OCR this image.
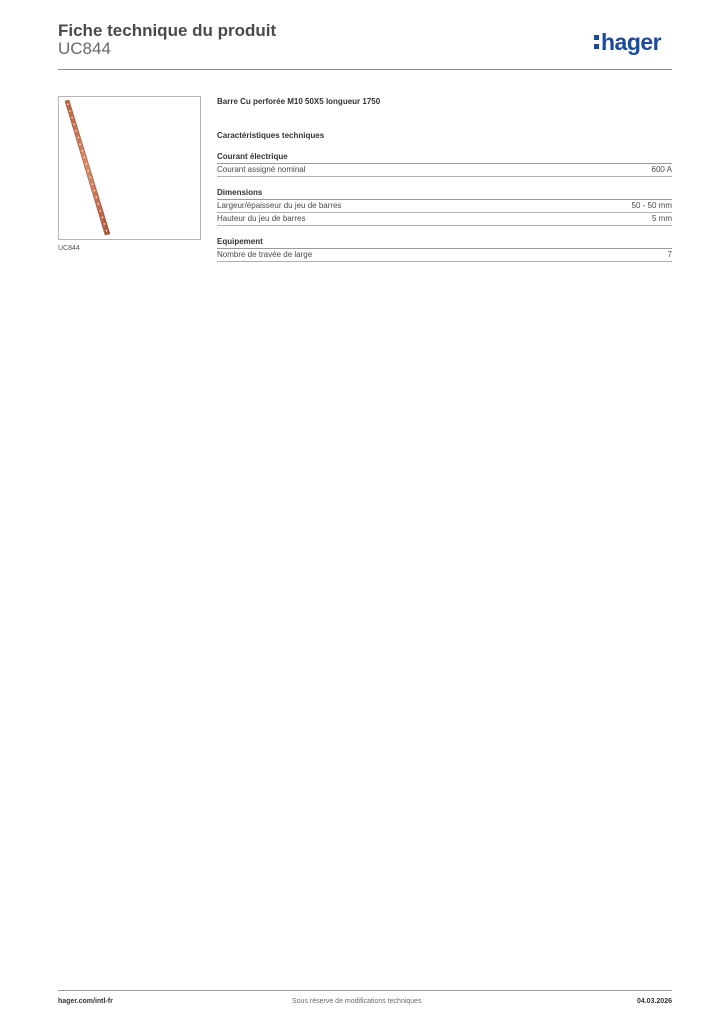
Fiche technique du produit
UC844	hager
UC844
Barre Cu perforée M10 50X5 longueur 1750
Caractéristiques techniques
Courant électrique
Courant assigné nominal	600 A
Dimensions
Largeur/épaisseur du jeu de barres	50 - 50 mm
Hauteur du jeu de barres	5 mm
Equipement
Nombre de travée de large	7
hager.com/intl-fr	Sous réserve de modifications techniques	04.03.2026
